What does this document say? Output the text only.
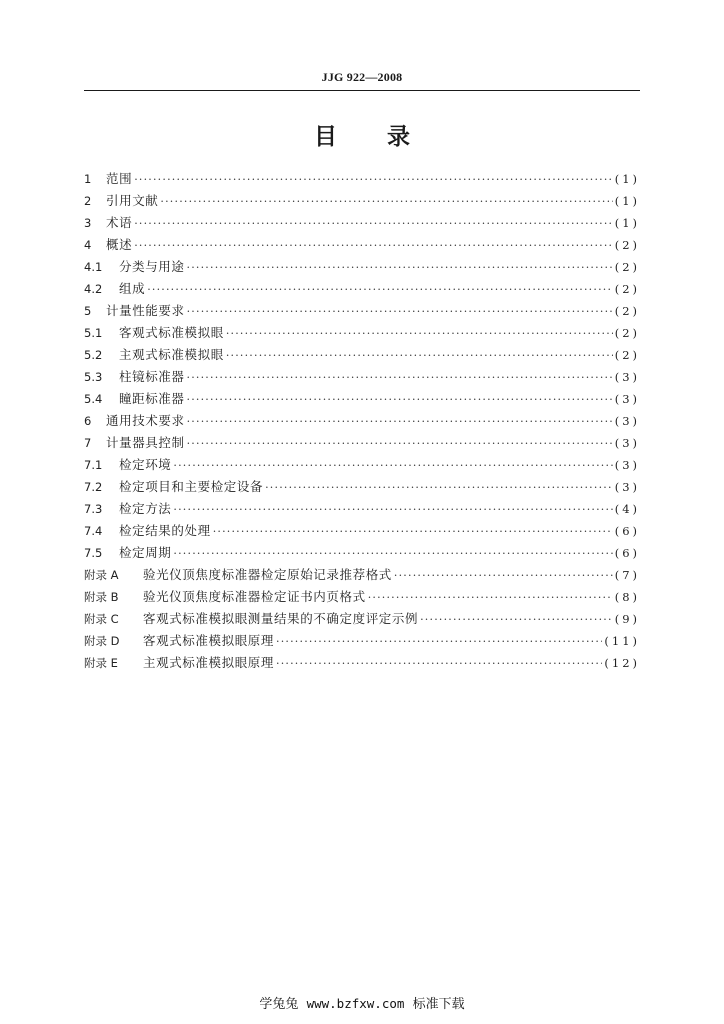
JJG 922—2008
目 录
1	范围 ·····	(1)
2	引用文献 ·····	(1)
3	术语 ·····	(1)
4	概述 ·····	(2)
4.1	分类与用途 ·····	(2)
4.2	组成 ·····	(2)
5	计量性能要求 ·····	(2)
5.1	客观式标准模拟眼 ·····	(2)
5.2	主观式标准模拟眼 ·····	(2)
5.3	柱镜标准器 ·····	(3)
5.4	瞳距标准器 ·····	(3)
6	通用技术要求 ·····	(3)
7	计量器具控制 ·····	(3)
7.1	检定环境 ·····	(3)
7.2	检定项目和主要检定设备 ·····	(3)
7.3	检定方法 ·····	(4)
7.4	检定结果的处理 ·····	(6)
7.5	检定周期 ·····	(6)
附录 A	验光仪顶焦度标准器检定原始记录推荐格式 ·····	(7)
附录 B	验光仪顶焦度标准器检定证书内页格式 ·····	(8)
附录 C	客观式标准模拟眼测量结果的不确定度评定示例 ·····	(9)
附录 D	客观式标准模拟眼原理 ·····	(11)
附录 E	主观式标准模拟眼原理 ·····	(12)
学兔兔 www.bzfxw.com 标准下载
